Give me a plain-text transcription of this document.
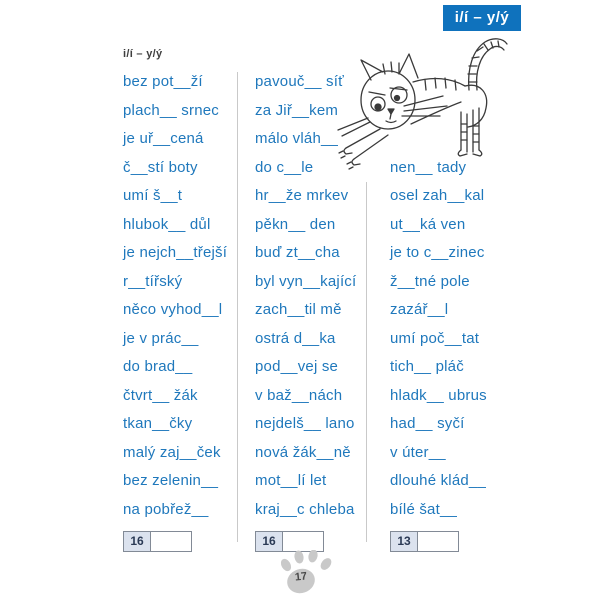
i/í – y/ý
i/í – y/ý
bez pot__ží
plach__ srnec
je uř__cená
č__stí boty
umí š__t
hlubok__ důl
je nejch__třejší
r__tířský
něco vyhod__l
je v prác__
do brad__
čtvrt__ žák
tkan__čky
malý zaj__ček
bez zelenin__
na pobřež__
pavouč__ síť
za Jiř__kem
málo vláh__
do c__le
hr__že mrkev
pěkn__ den
buď zt__cha
byl vyn__kající
zach__til mě
ostrá d__ka
pod__vej se
v baž__nách
nejdelš__ lano
nová žák__ně
mot__lí let
kraj__c chleba
nen__ tady
osel zah__kal
ut__ká ven
je to c__zinec
ž__tné pole
zazář__l
umí poč__tat
tich__ pláč
hladk__ ubrus
had__ syčí
v úter__
dlouhé klád__
bílé šat__
16	16	13
17
